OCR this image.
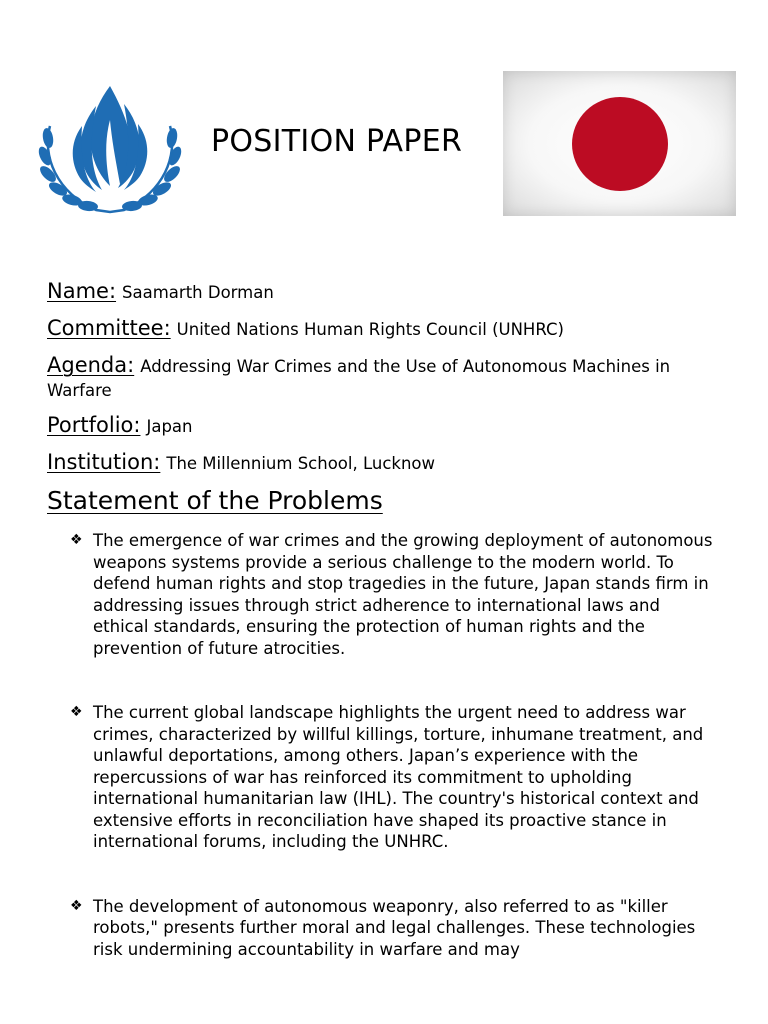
POSITION PAPER
Name: Saamarth Dorman
Committee: United Nations Human Rights Council (UNHRC)
Agenda: Addressing War Crimes and the Use of Autonomous Machines in Warfare
Portfolio: Japan
Institution: The Millennium School, Lucknow
Statement of the Problems
❖ The emergence of war crimes and the growing deployment of autonomous weapons systems provide a serious challenge to the modern world. To defend human rights and stop tragedies in the future, Japan stands firm in addressing issues through strict adherence to international laws and ethical standards, ensuring the protection of human rights and the prevention of future atrocities.
❖ The current global landscape highlights the urgent need to address war crimes, characterized by willful killings, torture, inhumane treatment, and unlawful deportations, among others. Japan’s experience with the repercussions of war has reinforced its commitment to upholding international humanitarian law (IHL). The country's historical context and extensive efforts in reconciliation have shaped its proactive stance in international forums, including the UNHRC.
❖ The development of autonomous weaponry, also referred to as "killer robots," presents further moral and legal challenges. These technologies risk undermining accountability in warfare and may
